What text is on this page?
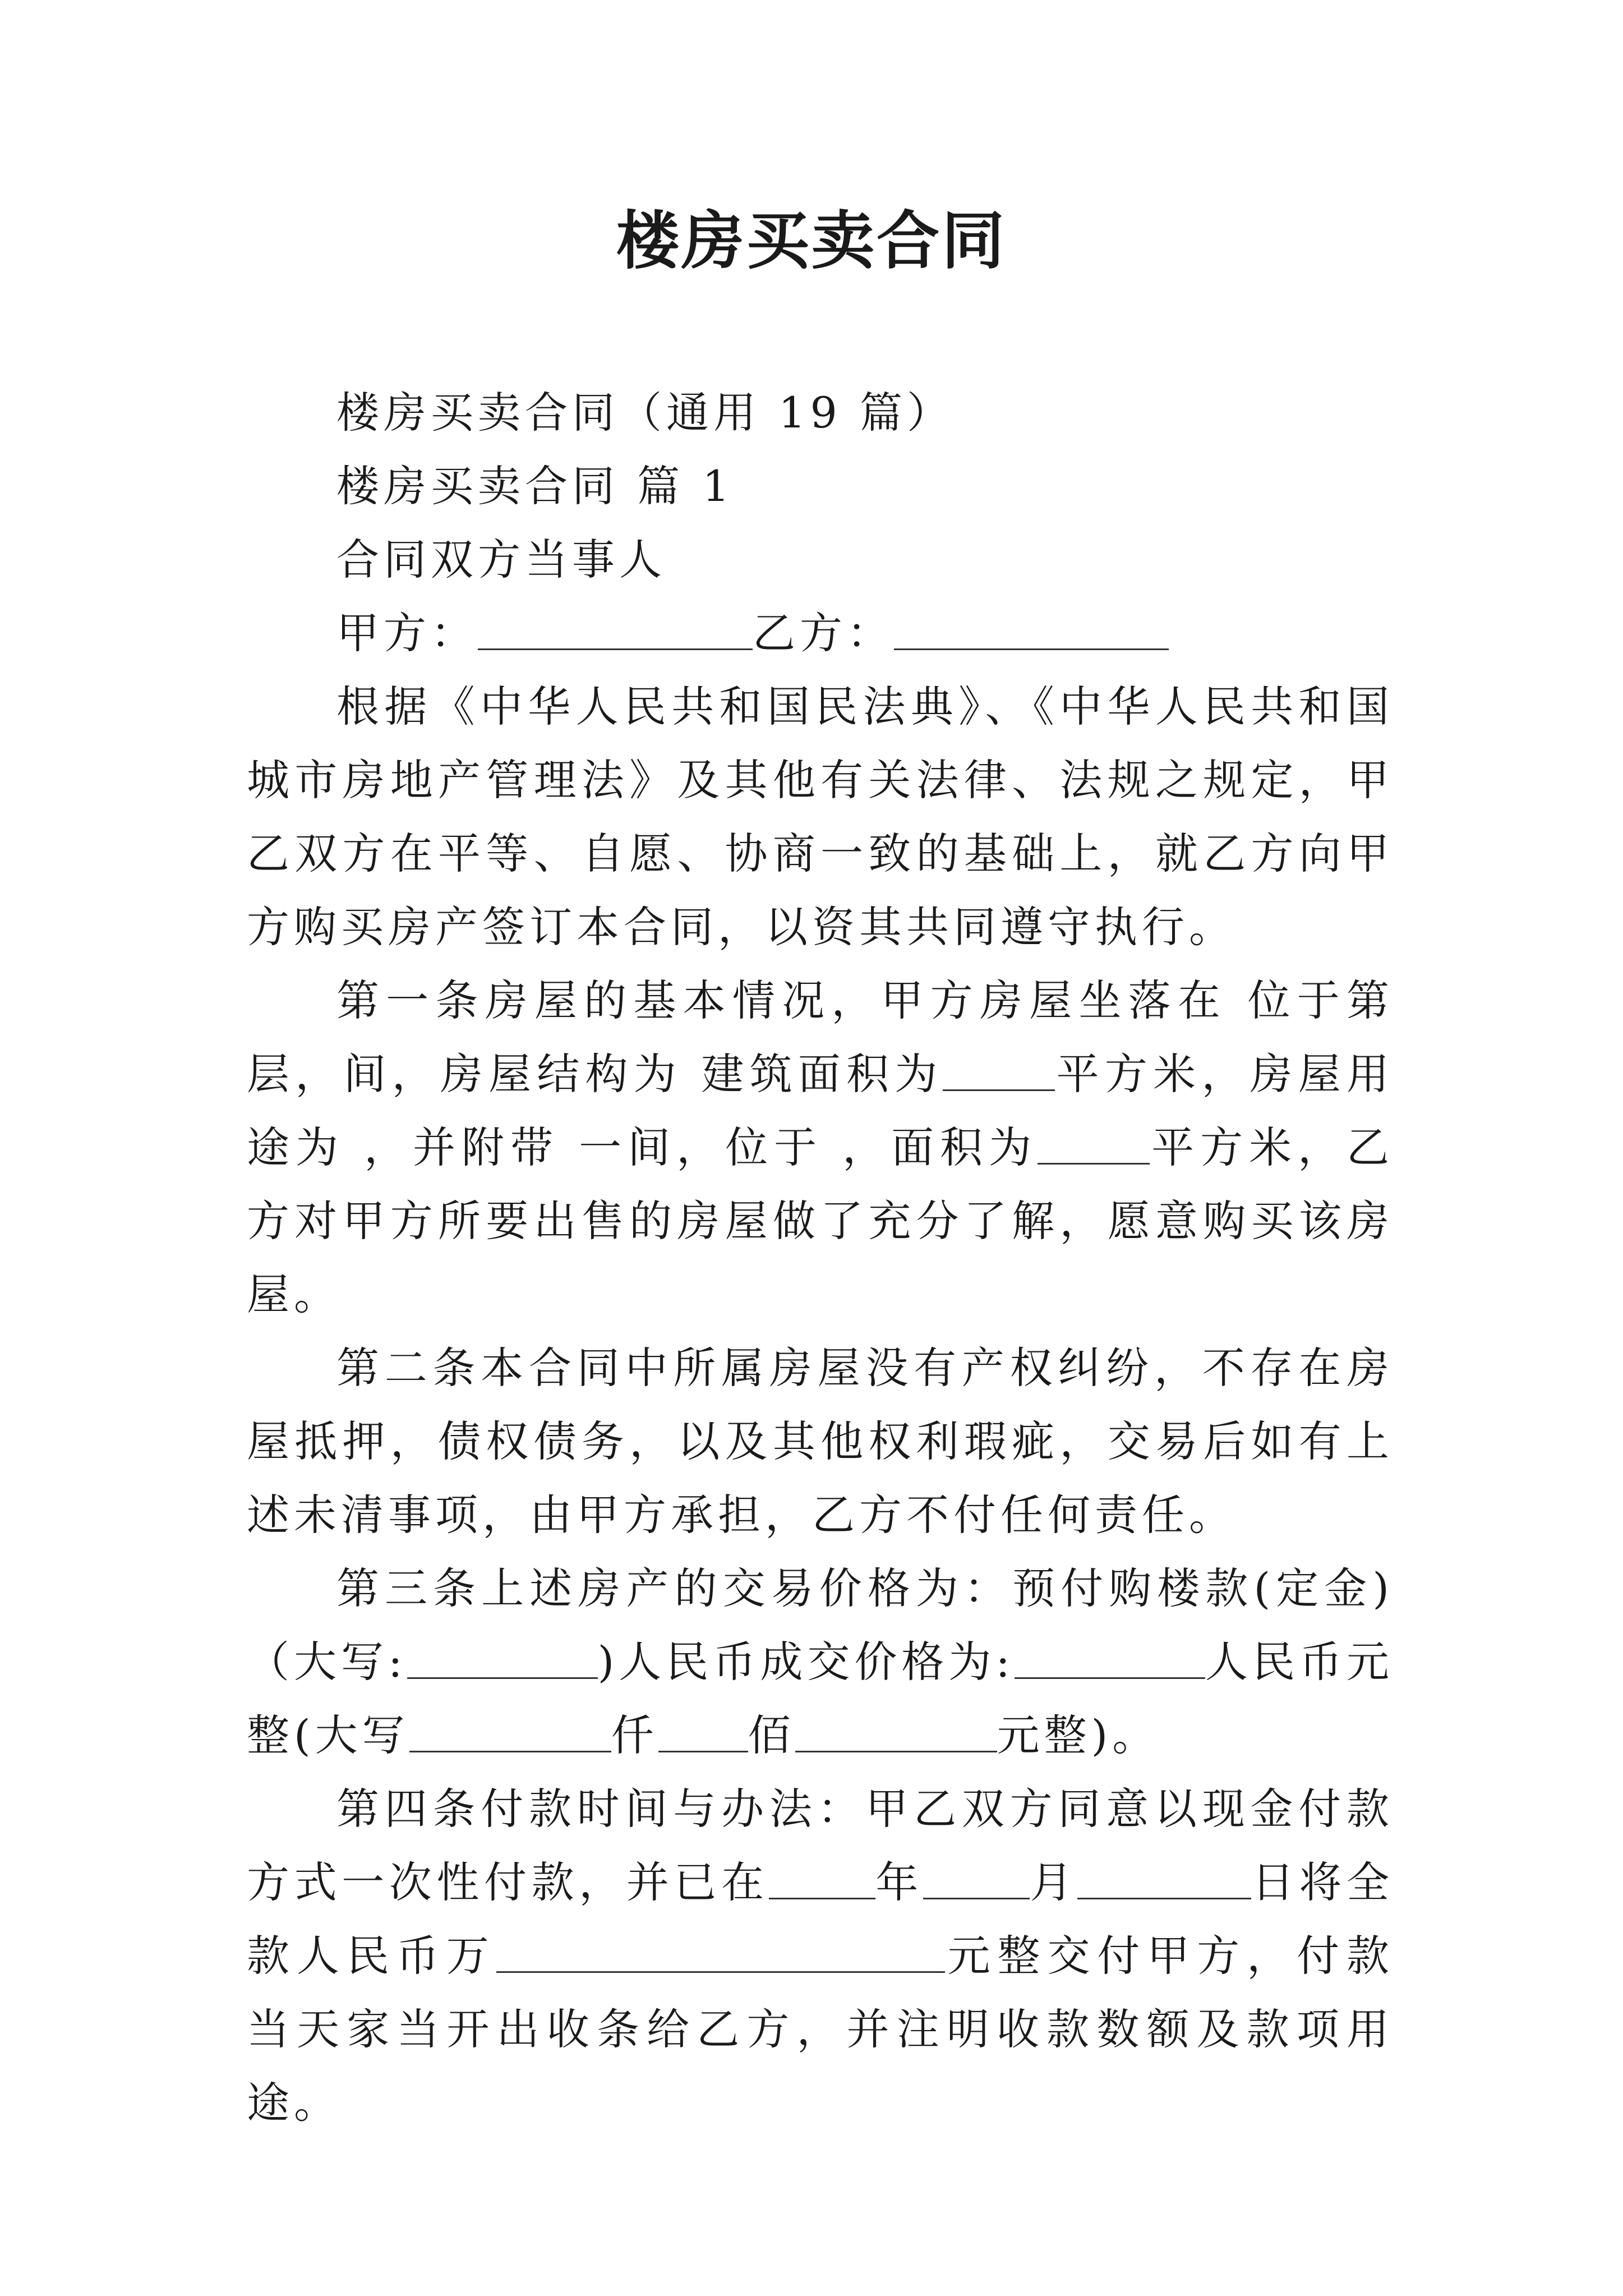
楼房买卖合同
楼房买卖合同（通用 19 篇）
楼房买卖合同 篇 1
合同双方当事人
甲方：	乙方：

根据《中华人民共和国民法典》、《中华人民共和国城市房地产管理法》及其他有关法律、法规之规定，甲乙双方在平等、自愿、协商一致的基础上，就乙方向甲方购买房产签订本合同，以资其共同遵守执行。

第一条房屋的基本情况，甲方房屋坐落在 位于第 层，间，房屋结构为 建筑面积为	平方米，房屋用途为 ，并附带 一间，位于 ，面积为	平方米，乙方对甲方所要出售的房屋做了充分了解，愿意购买该房屋。

第二条本合同中所属房屋没有产权纠纷，不存在房屋抵押，债权债务，以及其他权利瑕疵，交易后如有上述未清事项，由甲方承担，乙方不付任何责任。

第三条上述房产的交易价格为：预付购楼款(定金)（大写:	)人民币成交价格为:	人民币元整(大写	仟 佰	元整)。

第四条付款时间与办法：甲乙双方同意以现金付款方式一次性付款，并已在	年	月	日将全款人民币万	元整交付甲方，付款当天家当开出收条给乙方，并注明收款数额及款项用途。
